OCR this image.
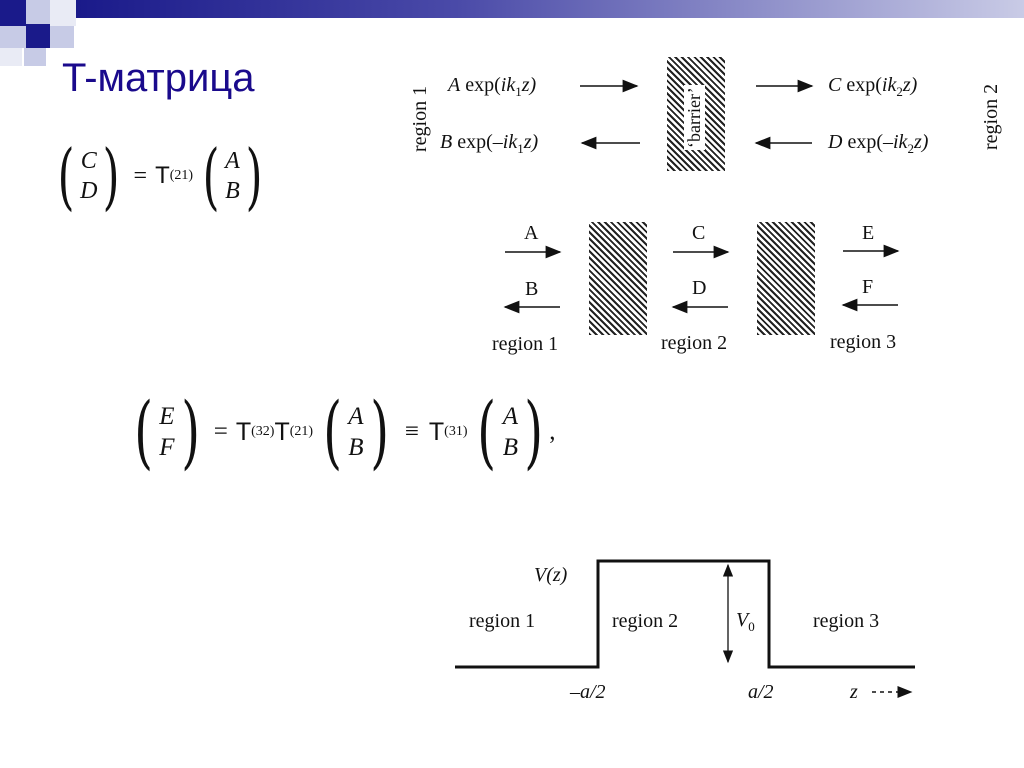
T-матрица
( C
D ) = T (21) ( A
B )
region 1	‘barrier’	region 2
A $\exp(ik_1z)$
B $\exp(-ik_1z)$
C $\exp(ik_2z)$
D $\exp(-ik_2z)$
A
B
C
D
E
F
region 1	region 2	region 3
( E
F ) = T (32) T (21) ( A
B ) ≡ T (31) ( A
B ) ,
V(z)
region 1	region 2	region 3
$V_0$
–a/2	a/2	z
